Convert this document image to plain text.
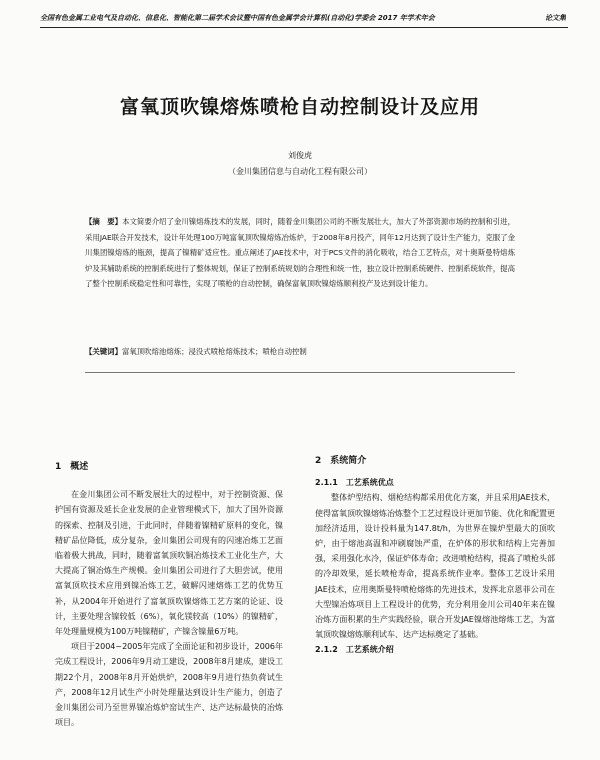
全国有色金属工业电气及自动化、信息化、智能化第二届学术会议暨中国有色金属学会计算机(自动化)学委会 2017 年学术年会	论文集
富氧顶吹镍熔炼喷枪自动控制设计及应用
刘俊虎
（金川集团信息与自动化工程有限公司）
【摘　要】本文简要介绍了金川镍熔炼技术的发展，同时，随着金川集团公司的不断发展壮大，加大了外部资源市场的控制和引进，采用JAE联合开发技术，设计年处理100万吨富氧顶吹镍熔炼冶炼炉，于2008年8月投产，同年12月达到了设计生产能力，克服了金川集团镍熔炼的瓶颈，提高了镍精矿适应性。重点阐述了JAE技术中，对于PCS文件的消化吸收，结合工艺特点，对十奥斯曼特熔炼炉及其辅助系统的控制系统进行了整体规划，保证了控制系统规划的合理性和统一性，独立设计控制系统硬件、控制系统软件，提高了整个控制系统稳定性和可靠性，实现了喷枪的自动控制，确保富氧顶吹镍熔炼顺利投产及达到设计能力。
【关键词】富氧顶吹熔池熔炼；浸没式喷枪熔炼技术；喷枪自动控制
1　概述

在金川集团公司不断发展壮大的过程中，对于控制资源、保护国有资源及延长企业发展的企业管理模式下，加大了国外资源的探索、控制及引进，于此同时，伴随着镍精矿原料的变化，镍精矿品位降低，成分复杂，金川集团公司现有的闪速冶炼工艺面临着极大挑战，同时，随着富氧顶吹铜冶炼技术工业化生产，大大提高了铜冶炼生产规模。金川集团公司进行了大胆尝试，使用富氧顶吹技术应用到镍冶炼工艺，破解闪速熔炼工艺的优势互补，从2004年开始进行了富氧顶吹镍熔炼工艺方案的论证、设计，主要处理含镍较低（6%），氧化镁较高（10%）的镍精矿，年处理量规模为100万吨镍精矿，产镍含镍量6万吨。

项目于2004~2005年完成了全面论证和初步设计，2006年完成工程设计，2006年9月动工建设，2008年8月建成，建设工期22个月，2008年8月开始烘炉，2008年9月进行热负荷试生产，2008年12月试生产小时处理量达到设计生产能力，创造了金川集团公司乃至世界镍冶炼炉窑试生产、达产达标最快的冶炼项目。

2　系统简介
2.1.1　工艺系统优点

整体炉型结构、烟枪结构都采用优化方案，并且采用JAE技术，使得富氧顶吹镍熔炼冶炼整个工艺过程设计更加节能、优化和配置更加经济适用，设计投料量为147.8t/h，为世界在镍炉型最大的顶吹炉，由于熔池高温和冲刷腐蚀严重，在炉体的形状和结构上完善加强，采用强化水冷，保证炉体寿命；改进喷枪结构，提高了喷枪头部的冷却效果，延长喷枪寿命，提高系统作业率。整体工艺设计采用JAE技术，应用奥斯曼特喷枪熔炼的先进技术，发挥北京恩菲公司在大型镍冶炼项目上工程设计的优势，充分利用金川公司40年来在镍冶炼方面积累的生产实践经验，联合开发JAE镍熔池熔炼工艺，为富氧顶吹镍熔炼顺利试车、达产达标奠定了基础。

2.1.2　工艺系统介绍
